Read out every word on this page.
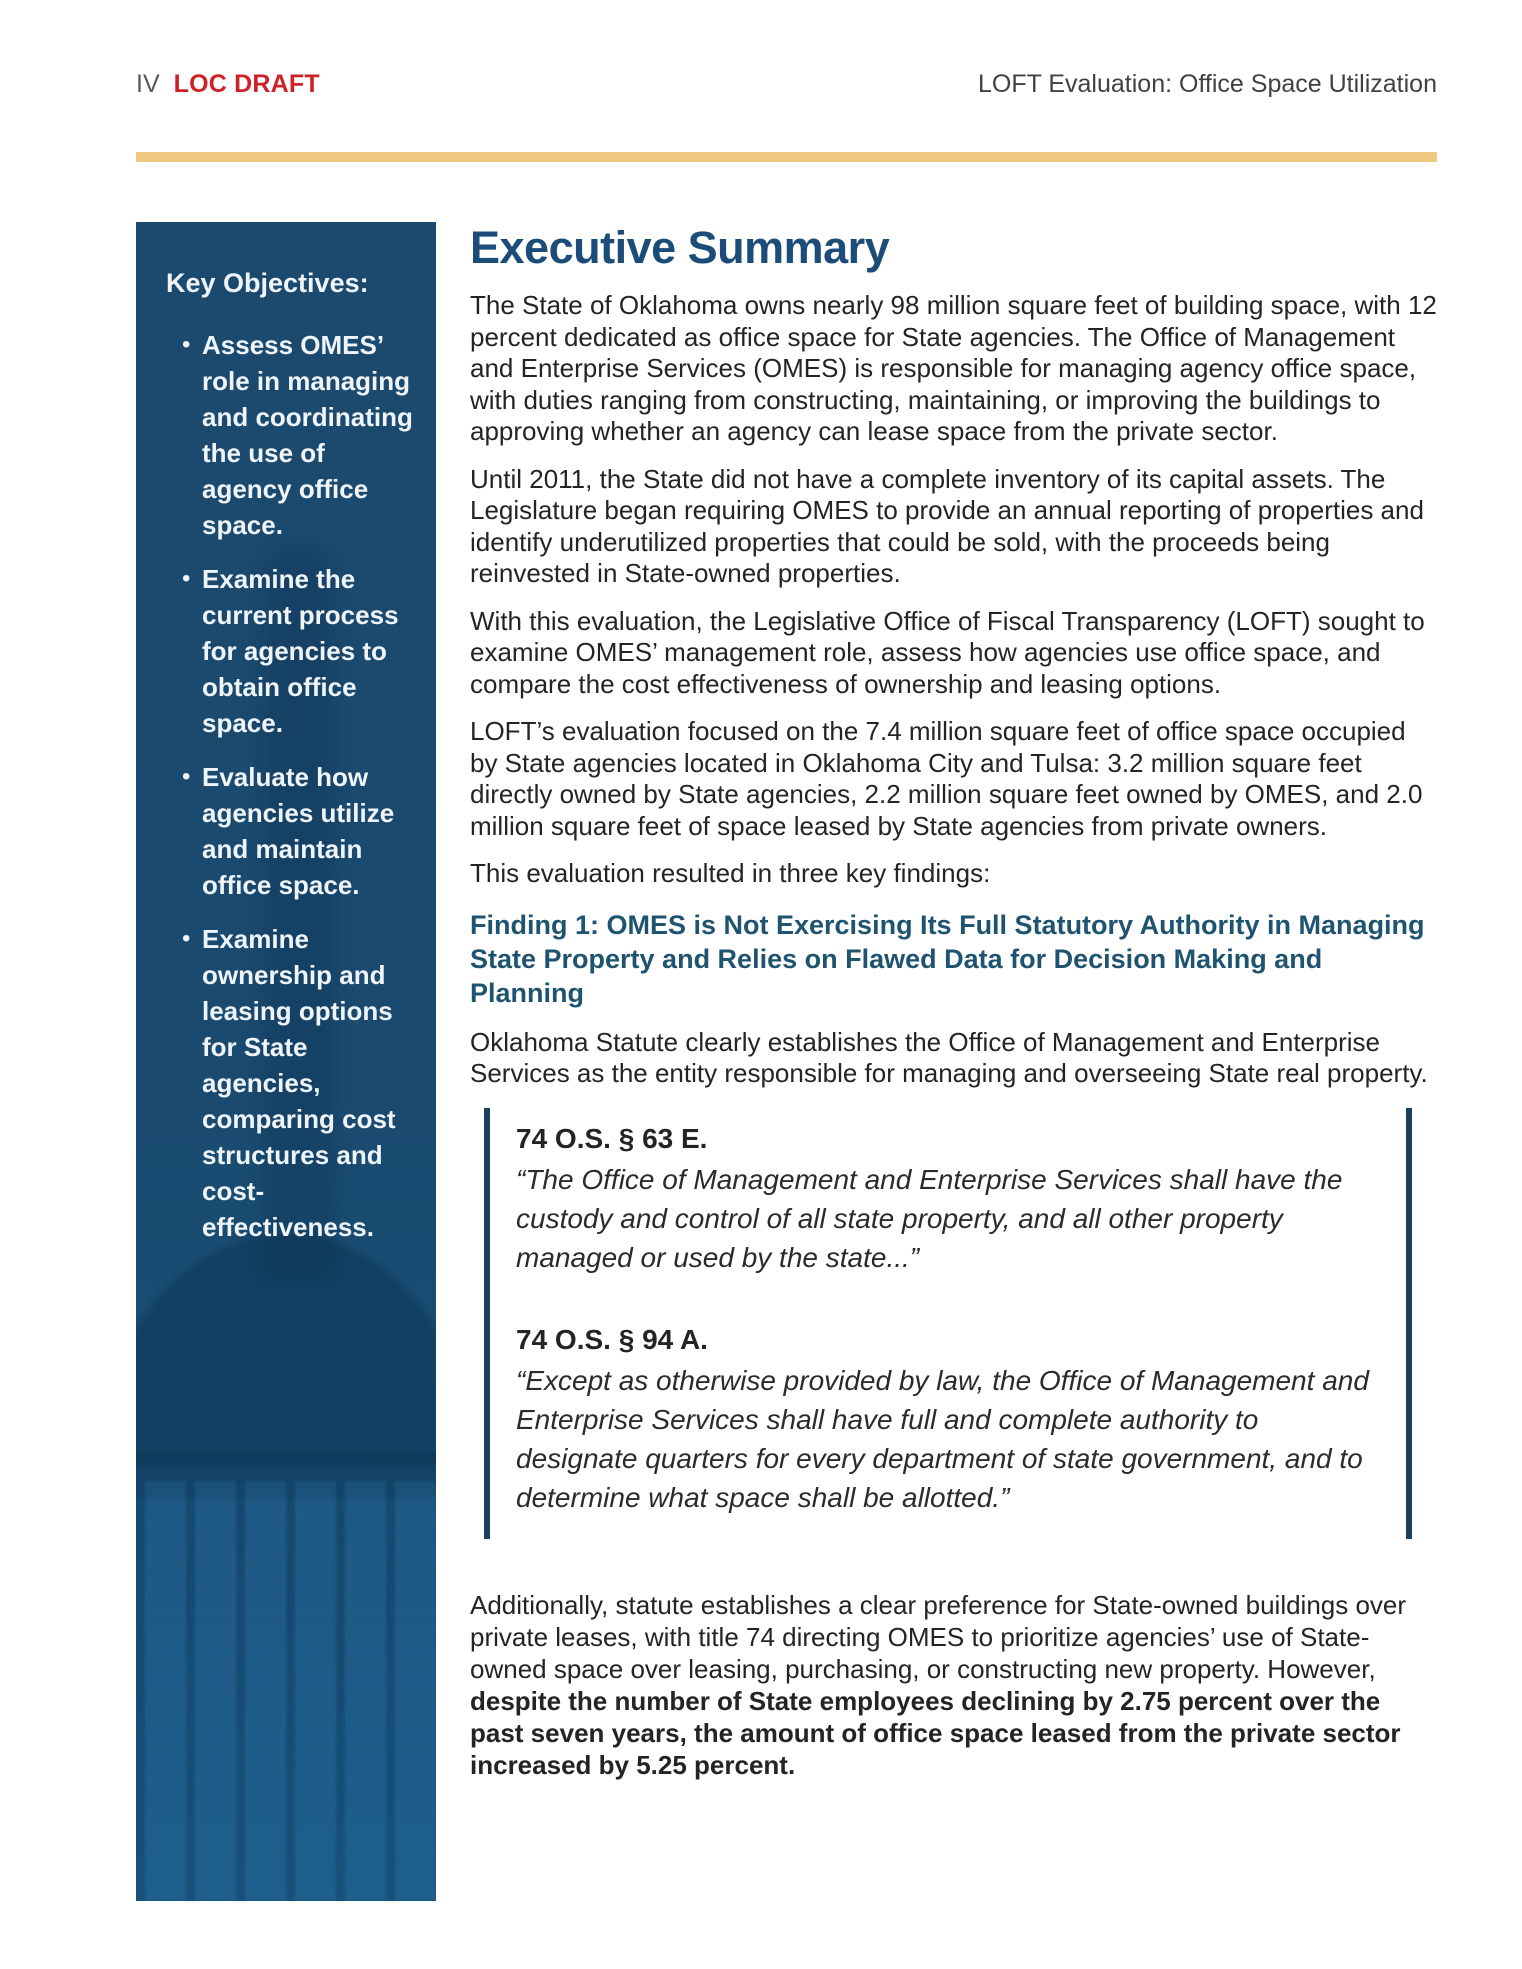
IV LOC DRAFT	LOFT Evaluation: Office Space Utilization
Key Objectives:
• Assess OMES’ role in managing and coordinating the use of agency office space.
• Examine the current process for agencies to obtain office space.
• Evaluate how agencies utilize and maintain office space.
• Examine ownership and leasing options for State agencies, comparing cost structures and cost-effectiveness.
Executive Summary

The State of Oklahoma owns nearly 98 million square feet of building space, with 12 percent dedicated as office space for State agencies. The Office of Management and Enterprise Services (OMES) is responsible for managing agency office space, with duties ranging from constructing, maintaining, or improving the buildings to approving whether an agency can lease space from the private sector.

Until 2011, the State did not have a complete inventory of its capital assets. The Legislature began requiring OMES to provide an annual reporting of properties and identify underutilized properties that could be sold, with the proceeds being reinvested in State-owned properties.

With this evaluation, the Legislative Office of Fiscal Transparency (LOFT) sought to examine OMES’ management role, assess how agencies use office space, and compare the cost effectiveness of ownership and leasing options.

LOFT’s evaluation focused on the 7.4 million square feet of office space occupied by State agencies located in Oklahoma City and Tulsa: 3.2 million square feet directly owned by State agencies, 2.2 million square feet owned by OMES, and 2.0 million square feet of space leased by State agencies from private owners.

This evaluation resulted in three key findings:

Finding 1: OMES is Not Exercising Its Full Statutory Authority in Managing State Property and Relies on Flawed Data for Decision Making and Planning

Oklahoma Statute clearly establishes the Office of Management and Enterprise Services as the entity responsible for managing and overseeing State real property.

74 O.S. § 63 E.
“The Office of Management and Enterprise Services shall have the custody and control of all state property, and all other property managed or used by the state...”
74 O.S. § 94 A.
“Except as otherwise provided by law, the Office of Management and Enterprise Services shall have full and complete authority to designate quarters for every department of state government, and to determine what space shall be allotted.”

Additionally, statute establishes a clear preference for State-owned buildings over private leases, with title 74 directing OMES to prioritize agencies’ use of State-owned space over leasing, purchasing, or constructing new property. However, despite the number of State employees declining by 2.75 percent over the past seven years, the amount of office space leased from the private sector increased by 5.25 percent.
